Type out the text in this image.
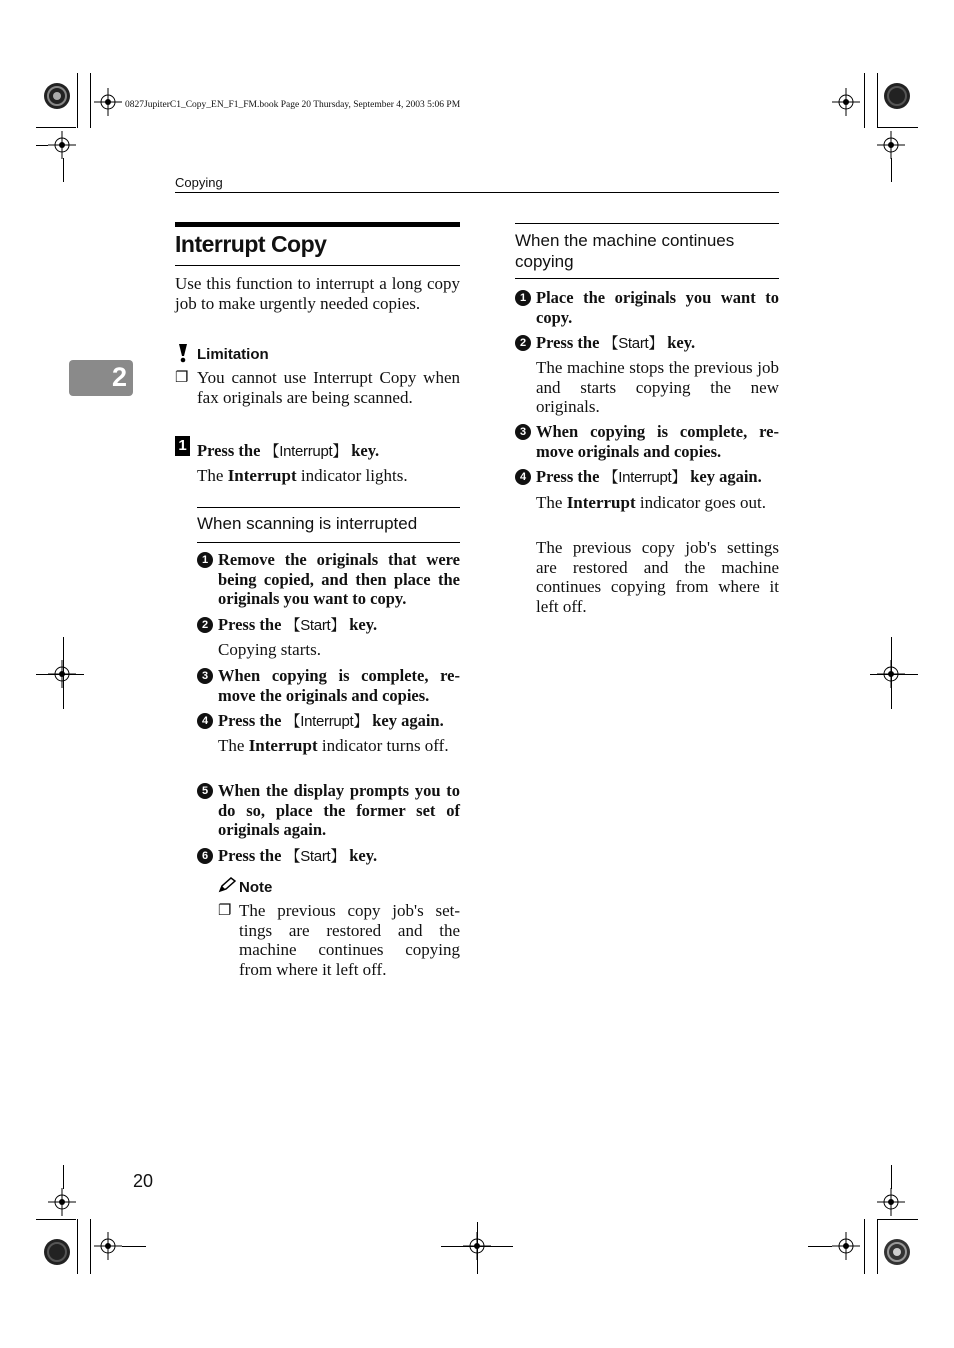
0827JupiterC1_Copy_EN_F1_FM.book Page 20 Thursday, September 4, 2003 5:06 PM
Copying
2
Interrupt Copy
Use this function to interrupt a long copy job to make urgently needed copies.
Limitation
❐ You cannot use Interrupt Copy when fax originals are being scanned.
1 Press the 【Interrupt】 key.
The Interrupt indicator lights.
When scanning is interrupted
1 Remove the originals that were being copied, and then place the originals you want to copy.
2 Press the 【Start】 key.
Copying starts.
3 When copying is complete, re-move the originals and copies.
4 Press the 【Interrupt】 key again.
The Interrupt indicator turns off.
5 When the display prompts you to do so, place the former set of originals again.
6 Press the 【Start】 key.
Note
❐ The previous copy job's set-tings are restored and the machine continues copying from where it left off.
When the machine continues copying
1 Place the originals you want to copy.
2 Press the 【Start】 key.
The machine stops the previous job and starts copying the new originals.
3 When copying is complete, re-move originals and copies.
4 Press the 【Interrupt】 key again.
The Interrupt indicator goes out.
The previous copy job's settings are restored and the machine continues copying from where it left off.
20
